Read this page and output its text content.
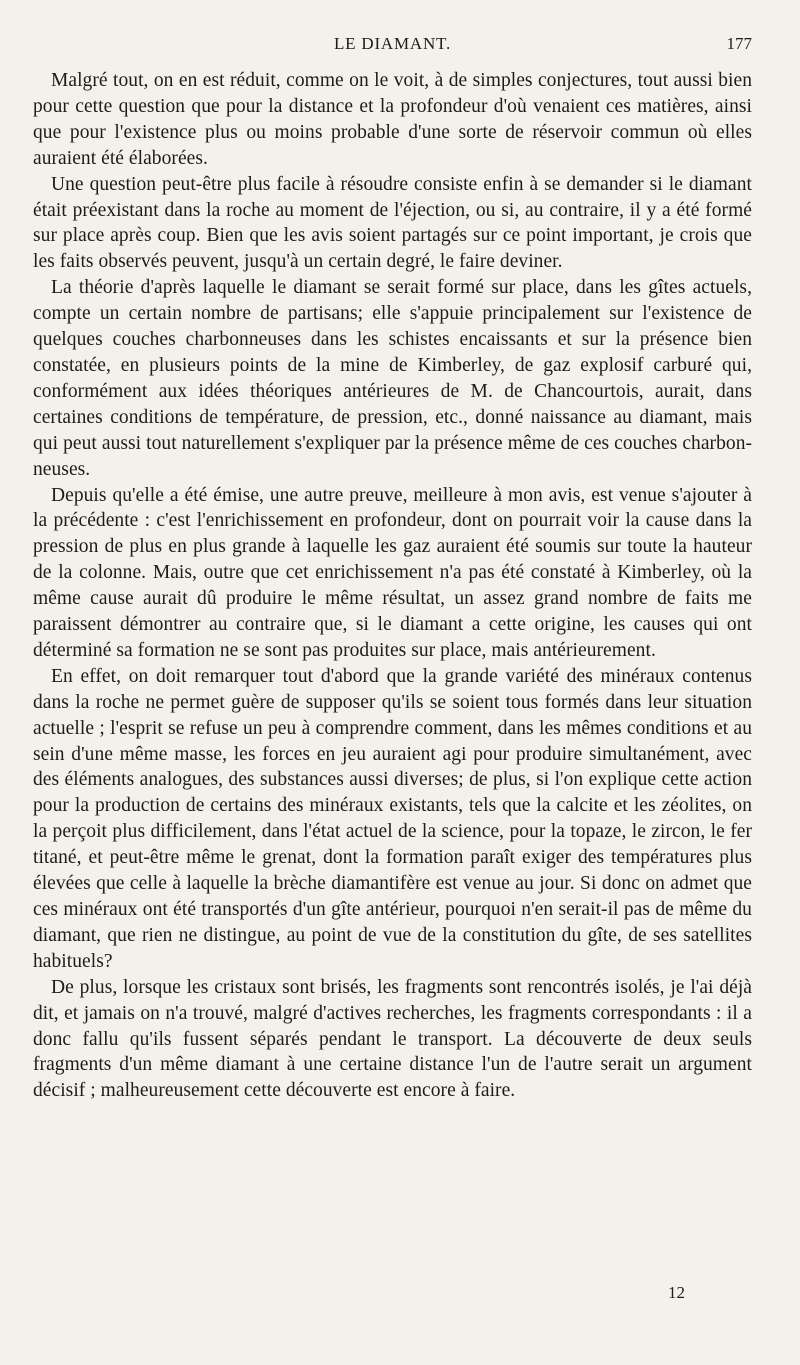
LE DIAMANT.	177

Malgré tout, on en est réduit, comme on le voit, à de simples conjectures, tout aussi bien pour cette question que pour la distance et la profondeur d'où venaient ces matières, ainsi que pour l'existence plus ou moins probable d'une sorte de réservoir commun où elles auraient été élaborées.

Une question peut-être plus facile à résoudre consiste enfin à se demander si le diamant était préexistant dans la roche au moment de l'éjection, ou si, au contraire, il y a été formé sur place après coup. Bien que les avis soient partagés sur ce point important, je crois que les faits observés peuvent, jusqu'à un certain degré, le faire deviner.

La théorie d'après laquelle le diamant se serait formé sur place, dans les gîtes actuels, compte un certain nombre de partisans; elle s'appuie principalement sur l'existence de quelques couches charbonneuses dans les schistes encaissants et sur la présence bien constatée, en plusieurs points de la mine de Kimberley, de gaz explosif carburé qui, conformément aux idées théoriques antérieures de M. de Chancourtois, aurait, dans certaines conditions de température, de pression, etc., donné naissance au diamant, mais qui peut aussi tout naturellement s'expliquer par la présence même de ces couches charbonneuses.

Depuis qu'elle a été émise, une autre preuve, meilleure à mon avis, est venue s'ajouter à la précédente : c'est l'enrichissement en profondeur, dont on pourrait voir la cause dans la pression de plus en plus grande à laquelle les gaz auraient été soumis sur toute la hauteur de la colonne. Mais, outre que cet enrichissement n'a pas été constaté à Kimberley, où la même cause aurait dû produire le même résultat, un assez grand nombre de faits me paraissent démontrer au contraire que, si le diamant a cette origine, les causes qui ont déterminé sa formation ne se sont pas produites sur place, mais antérieurement.

En effet, on doit remarquer tout d'abord que la grande variété des minéraux contenus dans la roche ne permet guère de supposer qu'ils se soient tous formés dans leur situation actuelle ; l'esprit se refuse un peu à comprendre comment, dans les mêmes conditions et au sein d'une même masse, les forces en jeu auraient agi pour produire simultanément, avec des éléments analogues, des substances aussi diverses; de plus, si l'on explique cette action pour la production de certains des minéraux existants, tels que la calcite et les zéolites, on la perçoit plus difficilement, dans l'état actuel de la science, pour la topaze, le zircon, le fer titané, et peut-être même le grenat, dont la formation paraît exiger des températures plus élevées que celle à laquelle la brèche diamantifère est venue au jour. Si donc on admet que ces minéraux ont été transportés d'un gîte antérieur, pourquoi n'en serait-il pas de même du diamant, que rien ne distingue, au point de vue de la constitution du gîte, de ses satellites habituels?

De plus, lorsque les cristaux sont brisés, les fragments sont rencontrés isolés, je l'ai déjà dit, et jamais on n'a trouvé, malgré d'actives recherches, les fragments correspondants : il a donc fallu qu'ils fussent séparés pendant le transport. La découverte de deux seuls fragments d'un même diamant à une certaine distance l'un de l'autre serait un argument décisif ; malheureusement cette découverte est encore à faire.

12
